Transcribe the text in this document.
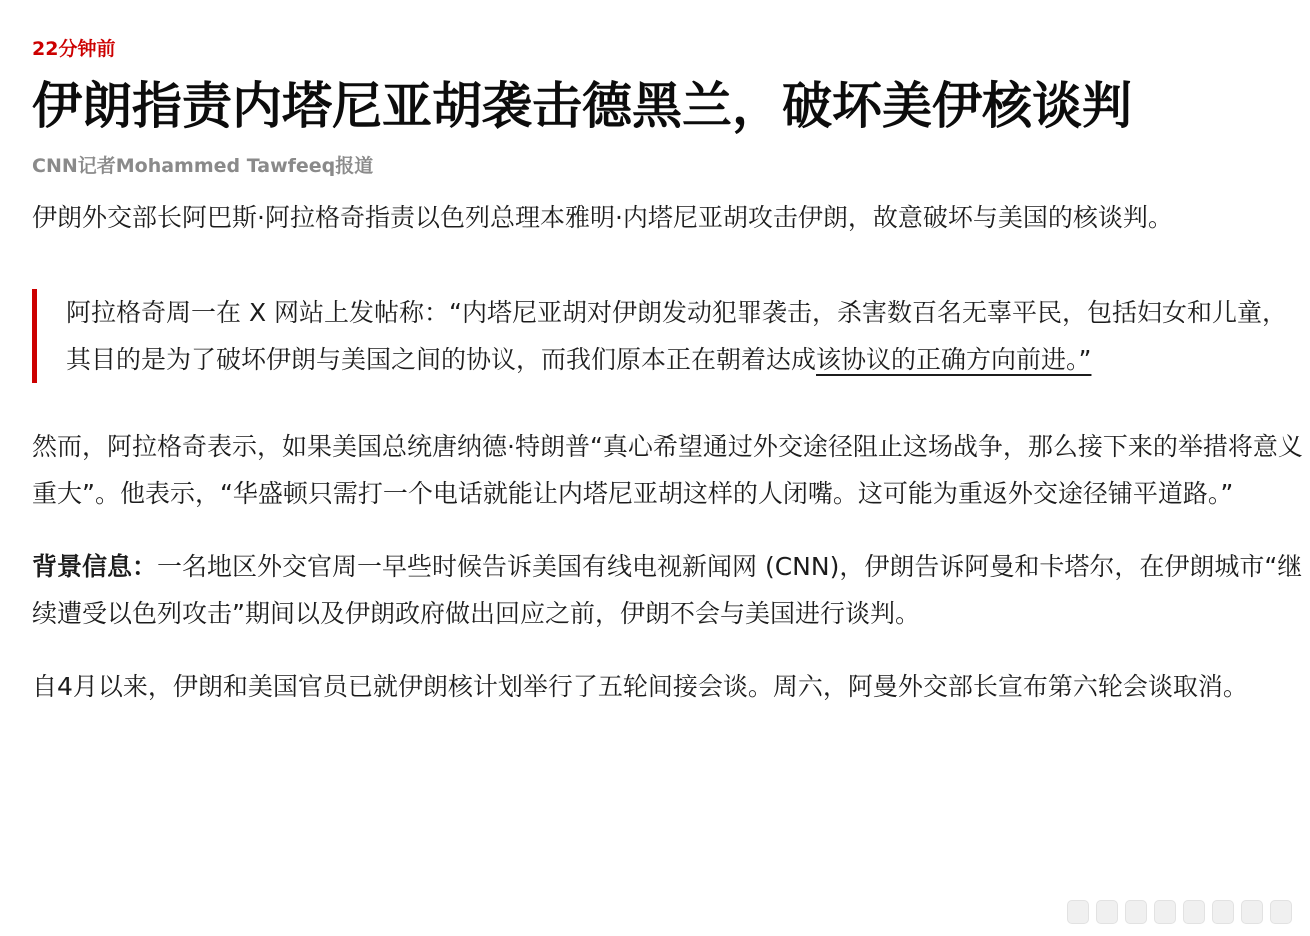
22分钟前
伊朗指责内塔尼亚胡袭击德黑兰，破坏美伊核谈判
CNN记者Mohammed Tawfeeq报道

伊朗外交部长阿巴斯·阿拉格奇指责以色列总理本雅明·内塔尼亚胡攻击伊朗，故意破坏与美国的核谈判。

阿拉格奇周一在 X 网站上发帖称：“内塔尼亚胡对伊朗发动犯罪袭击，杀害数百名无辜平民，包括妇女和儿童，其目的是为了破坏伊朗与美国之间的协议，而我们原本正在朝着达成该协议的正确方向前进。”

然而，阿拉格奇表示，如果美国总统唐纳德·特朗普“真心希望通过外交途径阻止这场战争，那么接下来的举措将意义重大”。他表示，“华盛顿只需打一个电话就能让内塔尼亚胡这样的人闭嘴。这可能为重返外交途径铺平道路。”

背景信息：一名地区外交官周一早些时候告诉美国有线电视新闻网 (CNN)，伊朗告诉阿曼和卡塔尔，在伊朗城市“继续遭受以色列攻击”期间以及伊朗政府做出回应之前，伊朗不会与美国进行谈判。

自4月以来，伊朗和美国官员已就伊朗核计划举行了五轮间接会谈。周六，阿曼外交部长宣布第六轮会谈取消。
